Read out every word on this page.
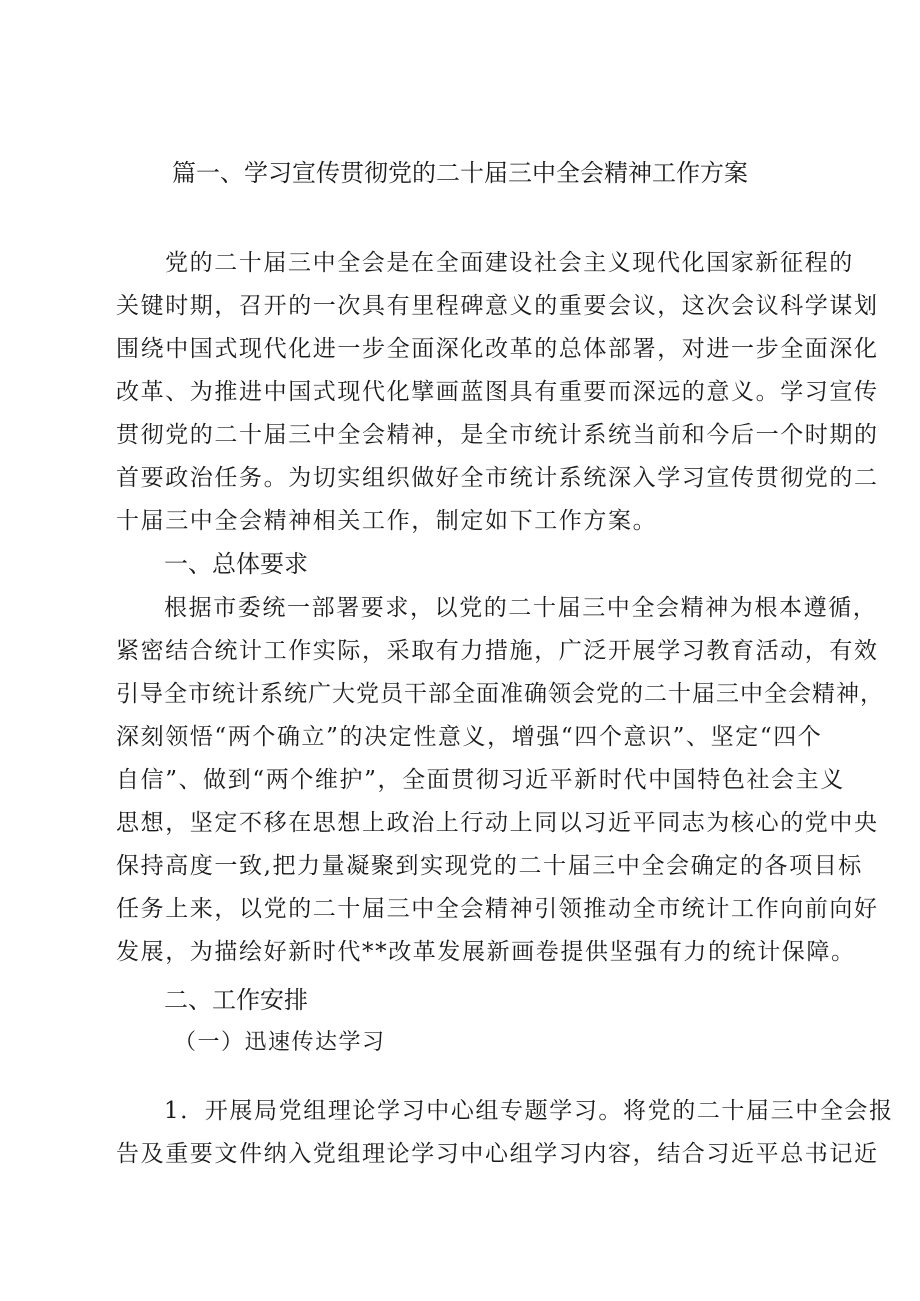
篇一、学习宣传贯彻党的二十届三中全会精神工作方案
党的二十届三中全会是在全面建设社会主义现代化国家新征程的
关键时期，召开的一次具有里程碑意义的重要会议，这次会议科学谋划
围绕中国式现代化进一步全面深化改革的总体部署，对进一步全面深化
改革、为推进中国式现代化擘画蓝图具有重要而深远的意义。学习宣传
贯彻党的二十届三中全会精神，是全市统计系统当前和今后一个时期的
首要政治任务。为切实组织做好全市统计系统深入学习宣传贯彻党的二
十届三中全会精神相关工作，制定如下工作方案。
一、总体要求
根据市委统一部署要求，以党的二十届三中全会精神为根本遵循，
紧密结合统计工作实际，采取有力措施，广泛开展学习教育活动，有效
引导全市统计系统广大党员干部全面准确领会党的二十届三中全会精神，
深刻领悟“两个确立”的决定性意义，增强“四个意识”、坚定“四个
自信”、做到“两个维护”，全面贯彻习近平新时代中国特色社会主义
思想，坚定不移在思想上政治上行动上同以习近平同志为核心的党中央
保持高度一致,把力量凝聚到实现党的二十届三中全会确定的各项目标
任务上来，以党的二十届三中全会精神引领推动全市统计工作向前向好
发展，为描绘好新时代**改革发展新画卷提供坚强有力的统计保障。
二、工作安排
（一）迅速传达学习
1．开展局党组理论学习中心组专题学习。将党的二十届三中全会报
告及重要文件纳入党组理论学习中心组学习内容，结合习近平总书记近
